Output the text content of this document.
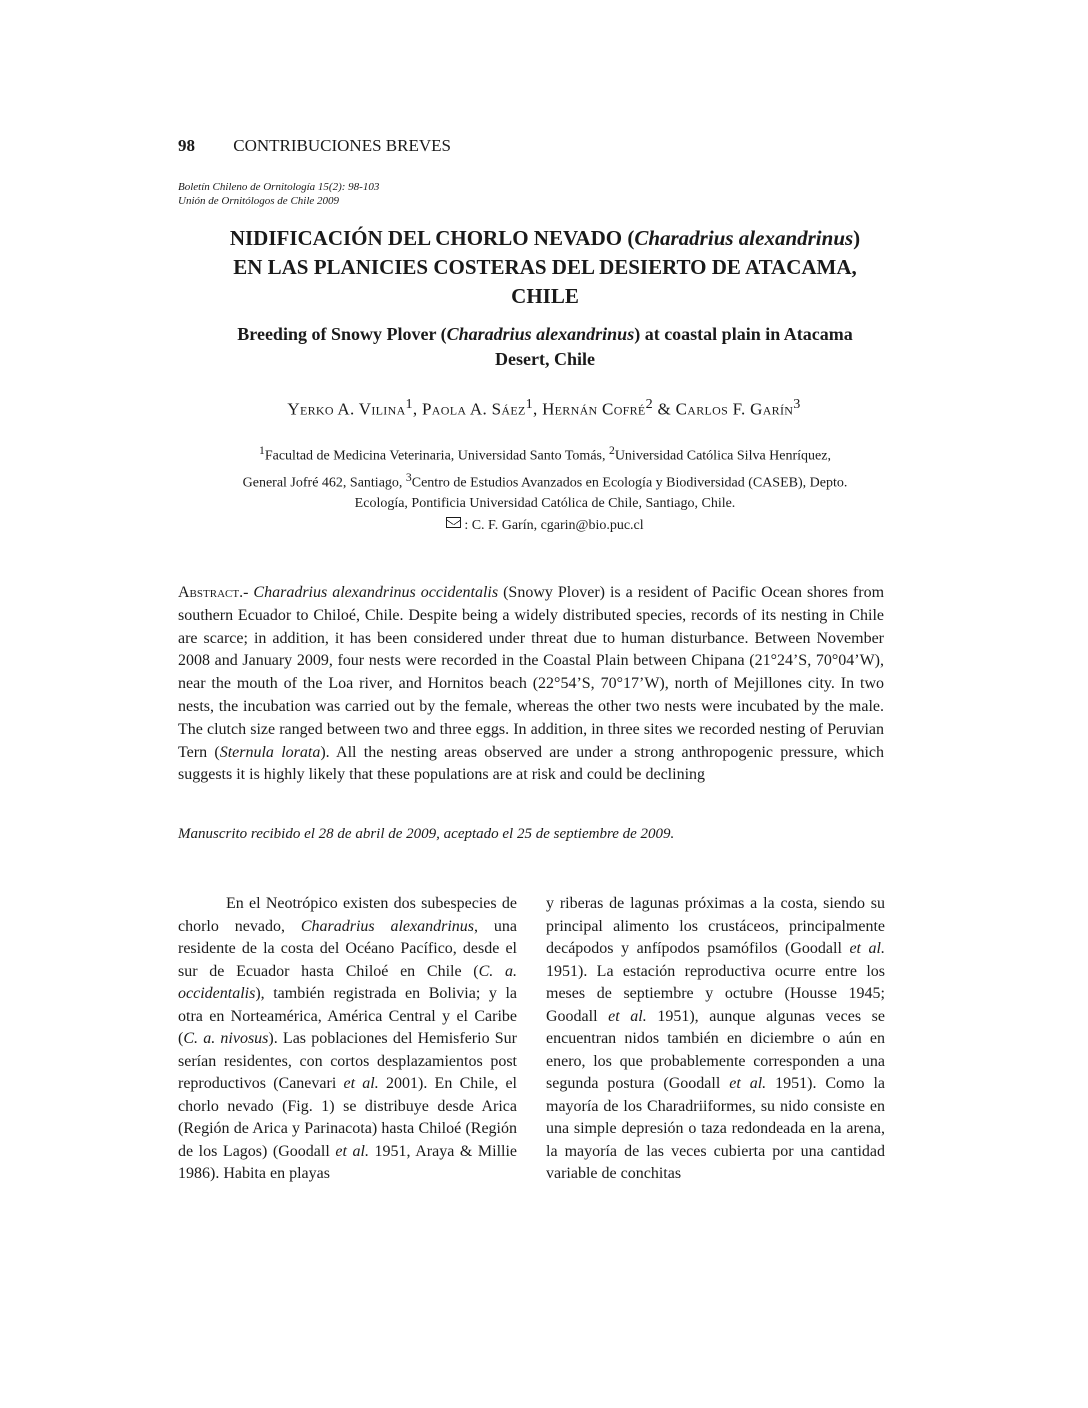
98 CONTRIBUCIONES BREVES
Boletín Chileno de Ornitología 15(2): 98-103
Unión de Ornitólogos de Chile 2009
NIDIFICACIÓN DEL CHORLO NEVADO (Charadrius alexandrinus)
EN LAS PLANICIES COSTERAS DEL DESIERTO DE ATACAMA,
CHILE
Breeding of Snowy Plover (Charadrius alexandrinus) at coastal plain in Atacama
Desert, Chile
Yerko A. Vilina$^1$, Paola A. Sáez$^1$, Hernán Cofré$^2$ & Carlos F. Garín$^3$
$^1$Facultad de Medicina Veterinaria, Universidad Santo Tomás, $^2$Universidad Católica Silva Henríquez,
General Jofré 462, Santiago, $^3$Centro de Estudios Avanzados en Ecología y Biodiversidad (CASEB), Depto.
Ecología, Pontificia Universidad Católica de Chile, Santiago, Chile.
: C. F. Garín, cgarin@bio.puc.cl
Abstract.- Charadrius alexandrinus occidentalis (Snowy Plover) is a resident of Pacific Ocean shores from southern Ecuador to Chiloé, Chile. Despite being a widely distributed species, records of its nesting in Chile are scarce; in addition, it has been considered under threat due to human disturbance. Between November 2008 and January 2009, four nests were recorded in the Coastal Plain between Chipana (21°24’S, 70°04’W), near the mouth of the Loa river, and Hornitos beach (22°54’S, 70°17’W), north of Mejillones city. In two nests, the incubation was carried out by the female, whereas the other two nests were incubated by the male. The clutch size ranged between two and three eggs. In addition, in three sites we recorded nesting of Peruvian Tern (Sternula lorata). All the nesting areas observed are under a strong anthropogenic pressure, which suggests it is highly likely that these populations are at risk and could be declining
Manuscrito recibido el 28 de abril de 2009, aceptado el 25 de septiembre de 2009.
En el Neotrópico existen dos subespecies de chorlo nevado, Charadrius alexandrinus, una residente de la costa del Océano Pacífico, desde el sur de Ecuador hasta Chiloé en Chile (C. a. occidentalis), también registrada en Bolivia; y la otra en Norteamérica, América Central y el Caribe (C. a. nivosus). Las poblaciones del Hemisferio Sur serían residentes, con cortos desplazamientos post reproductivos (Canevari et al. 2001). En Chile, el chorlo nevado (Fig. 1) se distribuye desde Arica (Región de Arica y Parinacota) hasta Chiloé (Región de los Lagos) (Goodall et al. 1951, Araya & Millie 1986). Habita en playas
y riberas de lagunas próximas a la costa, siendo su principal alimento los crustáceos, principalmente decápodos y anfípodos psamófilos (Goodall et al. 1951). La estación reproductiva ocurre entre los meses de septiembre y octubre (Housse 1945; Goodall et al. 1951), aunque algunas veces se encuentran nidos también en diciembre o aún en enero, los que probablemente corresponden a una segunda postura (Goodall et al. 1951). Como la mayoría de los Charadriiformes, su nido consiste en una simple depresión o taza redondeada en la arena, la mayoría de las veces cubierta por una cantidad variable de conchitas
